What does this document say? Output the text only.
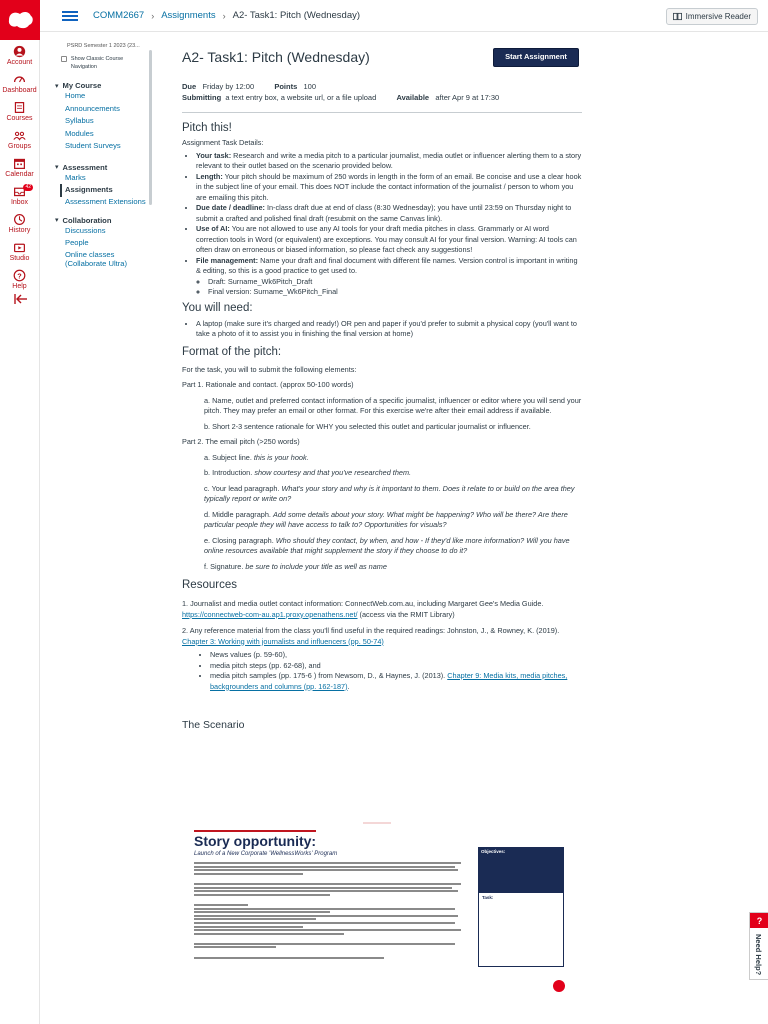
Account
Dashboard
Courses
Groups
Calendar
42
Inbox
History
Studio
?
Help
COMM2667 › Assignments › A2- Task1: Pitch (Wednesday)	Immersive Reader
PSRD Semester 1 2023 (23...
Show Classic Course Navigation
▾ My Course
Home
Announcements
Syllabus
Modules
Student Surveys
▾ Assessment
Marks
Assignments
Assessment Extensions
▾ Collaboration
Discussions
People
Online classes (Collaborate Ultra)
A2- Task1: Pitch (Wednesday)	Start Assignment
Due Friday by 12:00	Points 100
Submitting a text entry box, a website url, or a file upload	Available after Apr 9 at 17:30
Pitch this!

Assignment Task Details:

• Your task: Research and write a media pitch to a particular journalist, media outlet or influencer alerting them to a story relevant to their outlet based on the scenario provided below.
• Length: Your pitch should be maximum of 250 words in length in the form of an email. Be concise and use a clear hook in the subject line of your email. This does NOT include the contact information of the journalist / person to whom you are emailing this pitch.
• Due date / deadline: In-class draft due at end of class (8:30 Wednesday); you have until 23:59 on Thursday night to submit a crafted and polished final draft (resubmit on the same Canvas link).
• Use of AI: You are not allowed to use any AI tools for your draft media pitches in class. Grammarly or AI word correction tools in Word (or equivalent) are exceptions. You may consult AI for your final version. Warning: AI tools can often draw on erroneous or biased information, so please fact check any suggestions!
• File management: Name your draft and final document with different file names. Version control is important in writing & editing, so this is a good practice to get used to.
◦ Draft: Surname_Wk6Pitch_Draft
◦ Final version: Surname_Wk6Pitch_Final
You will need:
• A laptop (make sure it's charged and ready!) OR pen and paper if you'd prefer to submit a physical copy (you'll want to take a photo of it to assist you in finishing the final version at home)
Format of the pitch:

For the task, you will to submit the following elements:

Part 1. Rationale and contact. (approx 50-100 words)

a. Name, outlet and preferred contact information of a specific journalist, influencer or editor where you will send your pitch. They may prefer an email or other format. For this exercise we're after their email address if available.

b. Short 2-3 sentence rationale for WHY you selected this outlet and particular journalist or influencer.

Part 2. The email pitch (>250 words)

a. Subject line. this is your hook.

b. Introduction. show courtesy and that you've researched them.

c. Your lead paragraph. What's your story and why is it important to them. Does it relate to or build on the area they typically report or write on?

d. Middle paragraph. Add some details about your story. What might be happening? Who will be there? Are there particular people they will have access to talk to? Opportunities for visuals?

e. Closing paragraph. Who should they contact, by when, and how - If they'd like more information? Will you have online resources available that might supplement the story if they choose to do it?

f. Signature. be sure to include your title as well as name

Resources

1. Journalist and media outlet contact information: ConnectWeb.com.au, including Margaret Gee's Media Guide. https://connectweb-com-au.ap1.proxy.openathens.net/ (access via the RMIT Library)

2. Any reference material from the class you'll find useful in the required readings: Johnston, J., & Rowney, K. (2019). Chapter 3: Working with journalists and influencers (pp. 50-74)

• News values (p. 59-60),
• media pitch steps (pp. 62-68), and
• media pitch samples (pp. 175-6 ) from Newsom, D., & Haynes, J. (2013). Chapter 9: Media kits, media pitches, backgrounders and columns (pp. 162-187).
The Scenario
Story opportunity:
Launch of a New Corporate 'WellnessWorks' Program	Objectives:
Task:
?
Need Help?
